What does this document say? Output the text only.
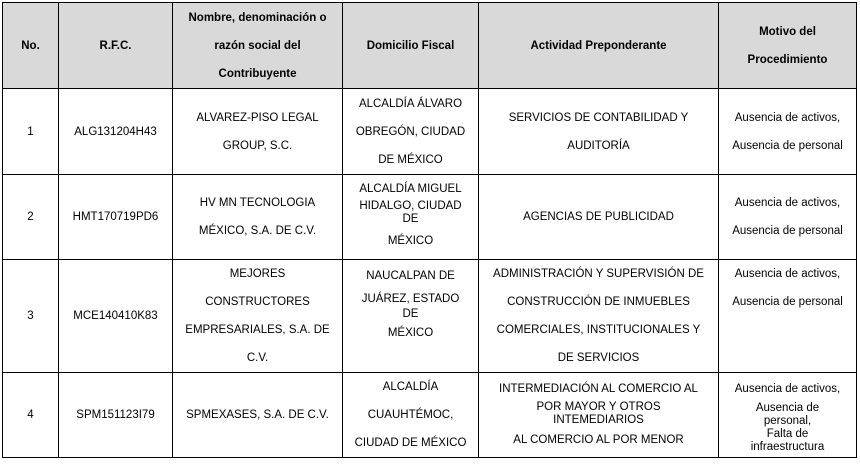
No.	R.F.C.	Nombre, denominación o
razón social del
Contribuyente	Domicilio Fiscal	Actividad Preponderante	Motivo del
Procedimiento

1	ALG131204H43	ALVAREZ-PISO LEGAL
GROUP, S.C.	ALCALDÍA ÁLVARO
OBREGÓN, CIUDAD
DE MÉXICO	SERVICIOS DE CONTABILIDAD Y
AUDITORÍA	Ausencia de activos,
Ausencia de personal

2	HMT170719PD6	HV MN TECNOLOGIA
MÉXICO, S.A. DE C.V.	ALCALDÍA MIGUEL
HIDALGO, CIUDAD
DE
MÉXICO	AGENCIAS DE PUBLICIDAD	Ausencia de activos,
Ausencia de personal

3	MCE140410K83	MEJORES
CONSTRUCTORES
EMPRESARIALES, S.A. DE
C.V.	NAUCALPAN DE
JUÁREZ, ESTADO
DE
MÉXICO	ADMINISTRACIÓN Y SUPERVISIÓN DE
CONSTRUCCIÓN DE INMUEBLES
COMERCIALES, INSTITUCIONALES Y
DE SERVICIOS	Ausencia de activos,
Ausencia de personal

4	SPM151123I79	SPMEXASES, S.A. DE C.V.	ALCALDÍA
CUAUHTÉMOC,
CIUDAD DE MÉXICO	INTERMEDIACIÓN AL COMERCIO AL
POR MAYOR Y OTROS
INTEMEDIARIOS
AL COMERCIO AL POR MENOR	Ausencia de activos,
Ausencia de
personal,
Falta de
infraestructura
